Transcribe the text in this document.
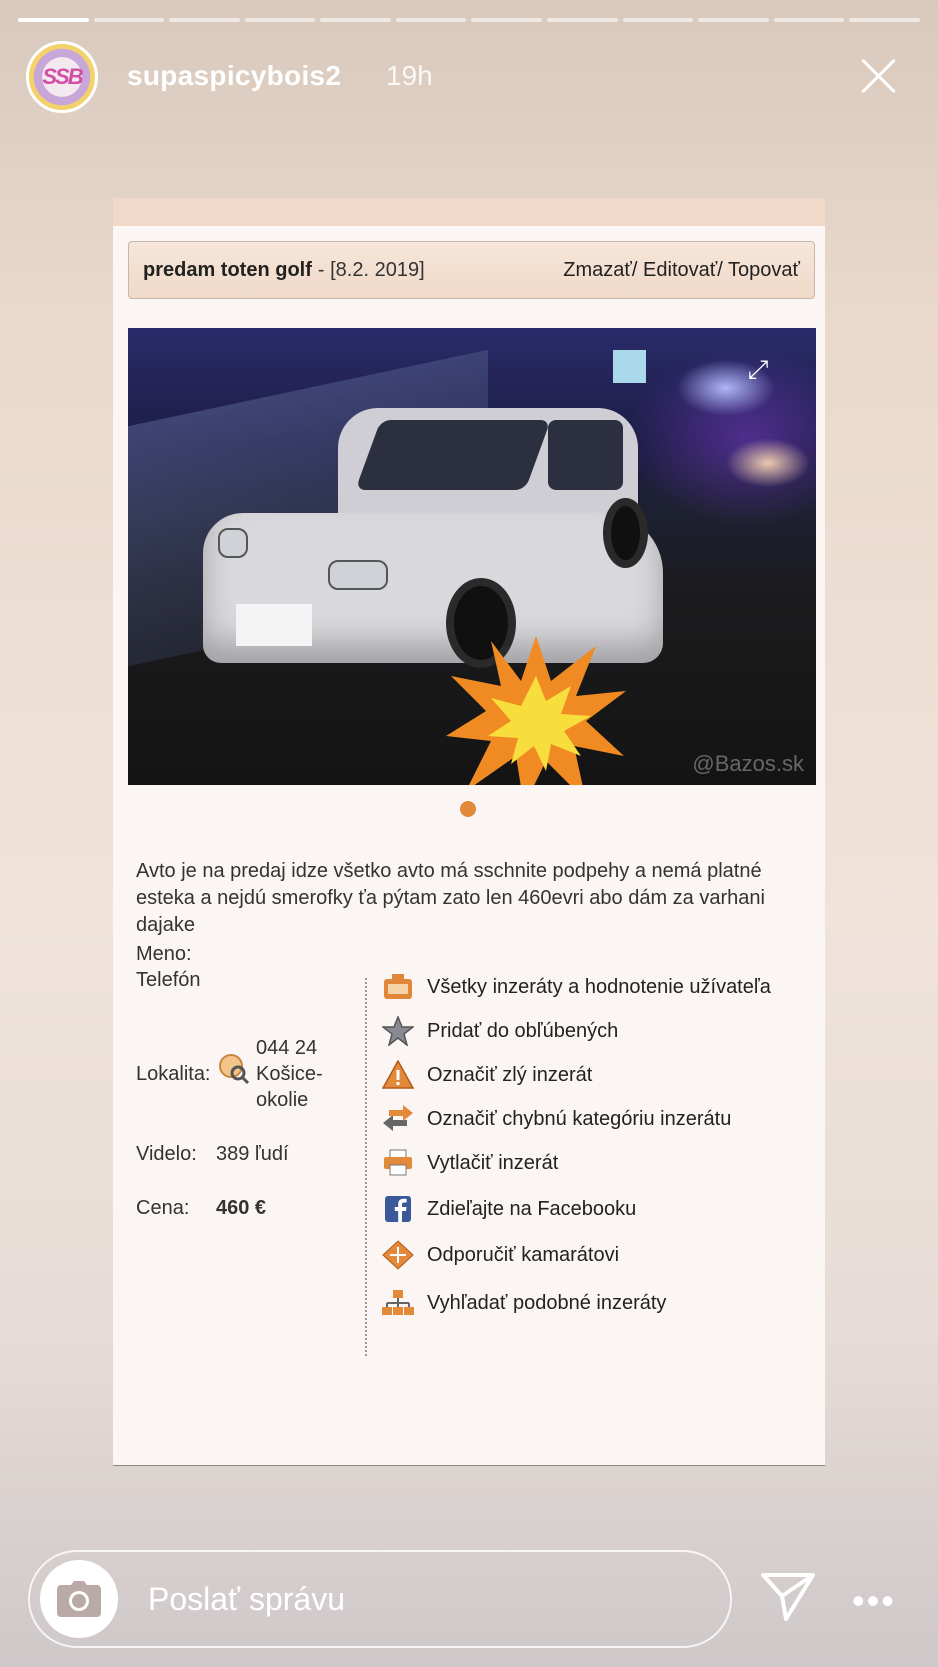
SSB supaspicybois2 19h
predam toten golf - [8.2. 2019]	Zmazať/ Editovať/ Topovať
⤢
@Bazos.sk
Avto je na predaj idze všetko avto má sschnite podpehy a nemá platné esteka a nejdú smerofky ťa pýtam zato len 460evri abo dám za varhani dajake
Meno:
Telefón
Lokalita:
044 24
Košice-
okolie
Videlo: 389 ľudí
Cena: 460 €
Všetky inzeráty a hodnotenie užívateľa
Pridať do obľúbených
Označiť zlý inzerát
Označiť chybnú kategóriu inzerátu
Vytlačiť inzerát
Zdieľajte na Facebooku
Odporučiť kamarátovi
Vyhľadať podobné inzeráty
Poslať správu	•••
